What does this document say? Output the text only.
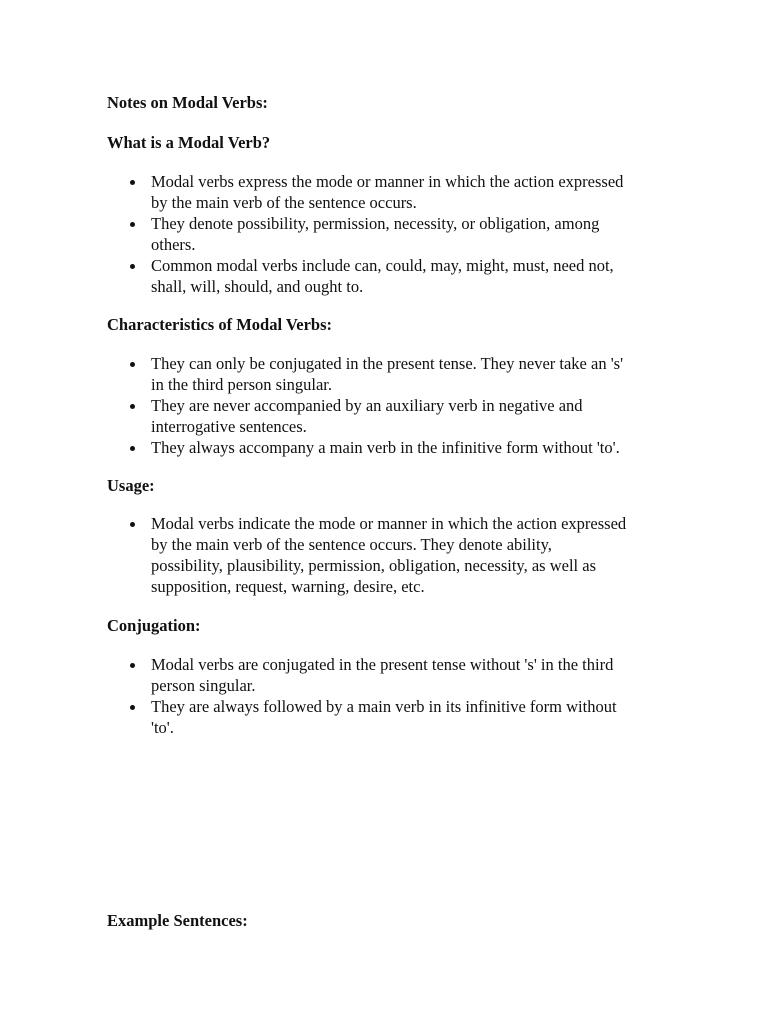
Notes on Modal Verbs:

What is a Modal Verb?

Modal verbs express the mode or manner in which the action expressed
by the main verb of the sentence occurs.
They denote possibility, permission, necessity, or obligation, among
others.
Common modal verbs include can, could, may, might, must, need not,
shall, will, should, and ought to.

Characteristics of Modal Verbs:

They can only be conjugated in the present tense. They never take an 's'
in the third person singular.
They are never accompanied by an auxiliary verb in negative and
interrogative sentences.
They always accompany a main verb in the infinitive form without 'to'.

Usage:

Modal verbs indicate the mode or manner in which the action expressed
by the main verb of the sentence occurs. They denote ability,
possibility, plausibility, permission, obligation, necessity, as well as
supposition, request, warning, desire, etc.

Conjugation:

Modal verbs are conjugated in the present tense without 's' in the third
person singular.
They are always followed by a main verb in its infinitive form without
'to'.

Example Sentences:
